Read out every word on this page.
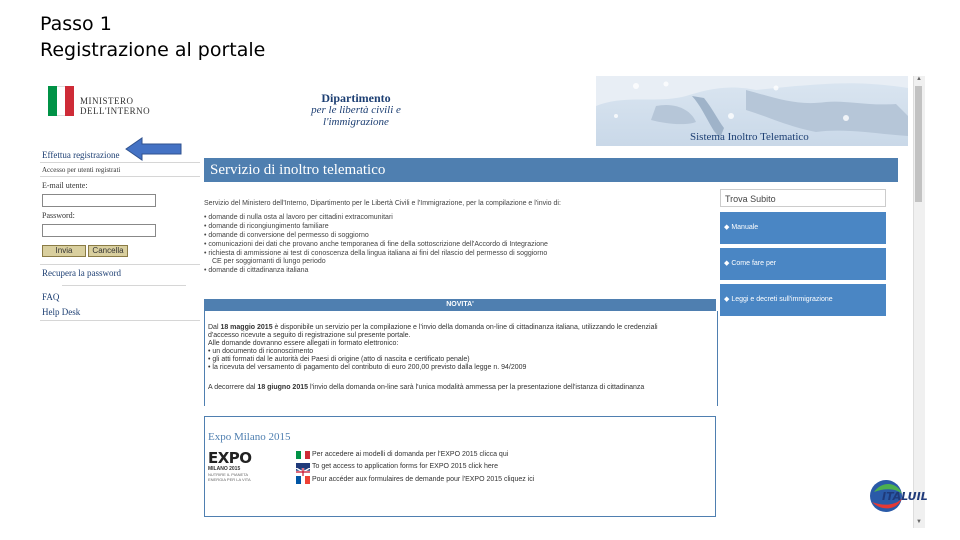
Passo 1
Registrazione al portale
MINISTERO
DELL'INTERNO
Dipartimento
per le libertà civili e l'immigrazione
Sistema Inoltro Telematico
Effettua registrazione
Accesso per utenti registrati
E-mail utente:
Password:
Invia	Cancella
Recupera la password
FAQ
Help Desk
Servizio di inoltro telematico
Servizio del Ministero dell'Interno, Dipartimento per le Libertà Civili e l'Immigrazione, per la compilazione e l'invio di:
• domande di nulla osta al lavoro per cittadini extracomunitari
• domande di ricongiungimento familiare
• domande di conversione del permesso di soggiorno
• comunicazioni dei dati che provano anche temporanea di fine della sottoscrizione dell'Accordo di Integrazione
• richiesta di ammissione ai test di conoscenza della lingua italiana ai fini del rilascio del permesso di soggiorno
CE per soggiornanti di lungo periodo
• domande di cittadinanza italiana
Trova Subito
◆ Manuale
◆ Come fare per
◆ Leggi e decreti sull'immigrazione
NOVITA'
Dal 18 maggio 2015 è disponibile un servizio per la compilazione e l'invio della domanda on-line di cittadinanza italiana, utilizzando le credenziali
d'accesso ricevute a seguito di registrazione sul presente portale.
Alle domande dovranno essere allegati in formato elettronico:
• un documento di riconoscimento
• gli atti formati dal le autorità dei Paesi di origine (atto di nascita e certificato penale)
• la ricevuta del versamento di pagamento del contributo di euro 200,00 previsto dalla legge n. 94/2009
A decorrere dal 18 giugno 2015 l'invio della domanda on-line sarà l'unica modalità ammessa per la presentazione dell'istanza di cittadinanza
Expo Milano 2015
EXPO
MILANO 2015
NUTRIRE IL PIANETA
ENERGIA PER LA VITA
Per accedere ai modelli di domanda per l'EXPO 2015 clicca qui
To get access to application forms for EXPO 2015 click here
Pour accéder aux formulaires de demande pour l'EXPO 2015 cliquez ici
▲
▼
ITALUIL
